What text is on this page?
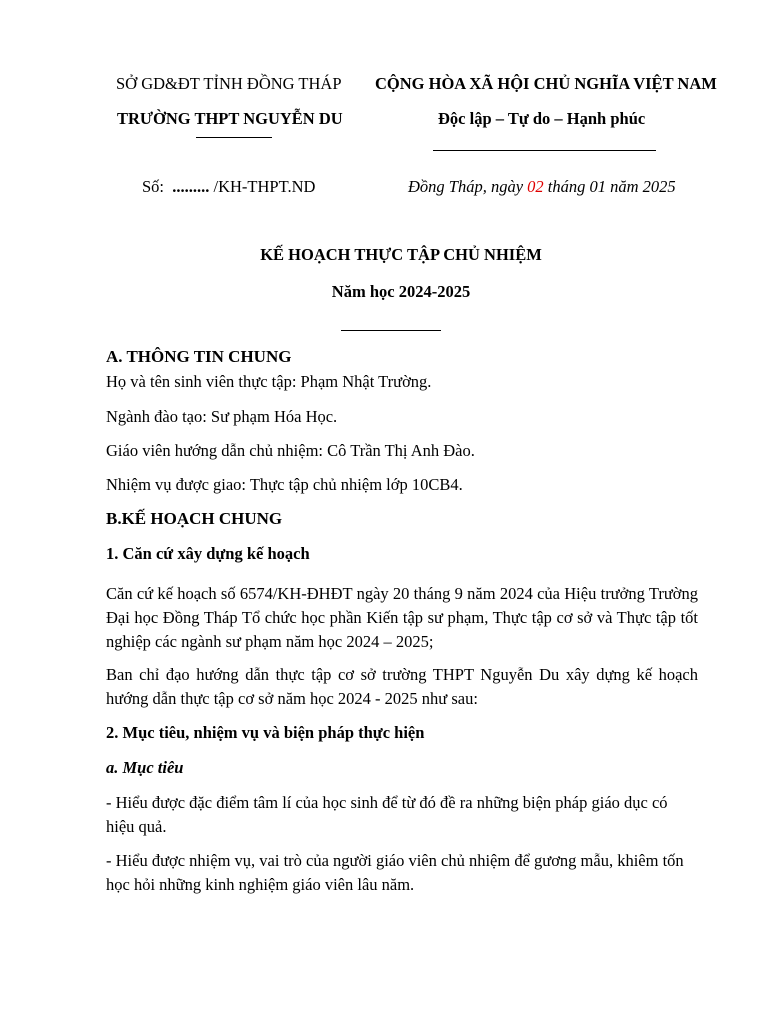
SỞ GD&ĐT TỈNH ĐỒNG THÁP
TRƯỜNG THPT NGUYỄN DU
CỘNG HÒA XÃ HỘI CHỦ NGHĨA VIỆT NAM
Độc lập – Tự do – Hạnh phúc
Số: ......... /KH-THPT.ND	Đồng Tháp, ngày 02 tháng 01 năm 2025
KẾ HOẠCH THỰC TẬP CHỦ NHIỆM
Năm học 2024-2025
A. THÔNG TIN CHUNG
Họ và tên sinh viên thực tập: Phạm Nhật Trường.
Ngành đào tạo: Sư phạm Hóa Học.
Giáo viên hướng dẫn chủ nhiệm: Cô Trần Thị Anh Đào.
Nhiệm vụ được giao: Thực tập chủ nhiệm lớp 10CB4.
B.KẾ HOẠCH CHUNG
1. Căn cứ xây dựng kế hoạch
Căn cứ kế hoạch số 6574/KH-ĐHĐT ngày 20 tháng 9 năm 2024 của Hiệu trưởng Trường Đại học Đồng Tháp Tổ chức học phần Kiến tập sư phạm, Thực tập cơ sở và Thực tập tốt nghiệp các ngành sư phạm năm học 2024 – 2025;
Ban chỉ đạo hướng dẫn thực tập cơ sở trường THPT Nguyễn Du xây dựng kế hoạch hướng dẫn thực tập cơ sở năm học 2024 - 2025 như sau:
2. Mục tiêu, nhiệm vụ và biện pháp thực hiện
a. Mục tiêu
- Hiểu được đặc điểm tâm lí của học sinh để từ đó đề ra những biện pháp giáo dục có hiệu quả.
- Hiểu được nhiệm vụ, vai trò của người giáo viên chủ nhiệm để gương mẫu, khiêm tốn học hỏi những kinh nghiệm giáo viên lâu năm.
